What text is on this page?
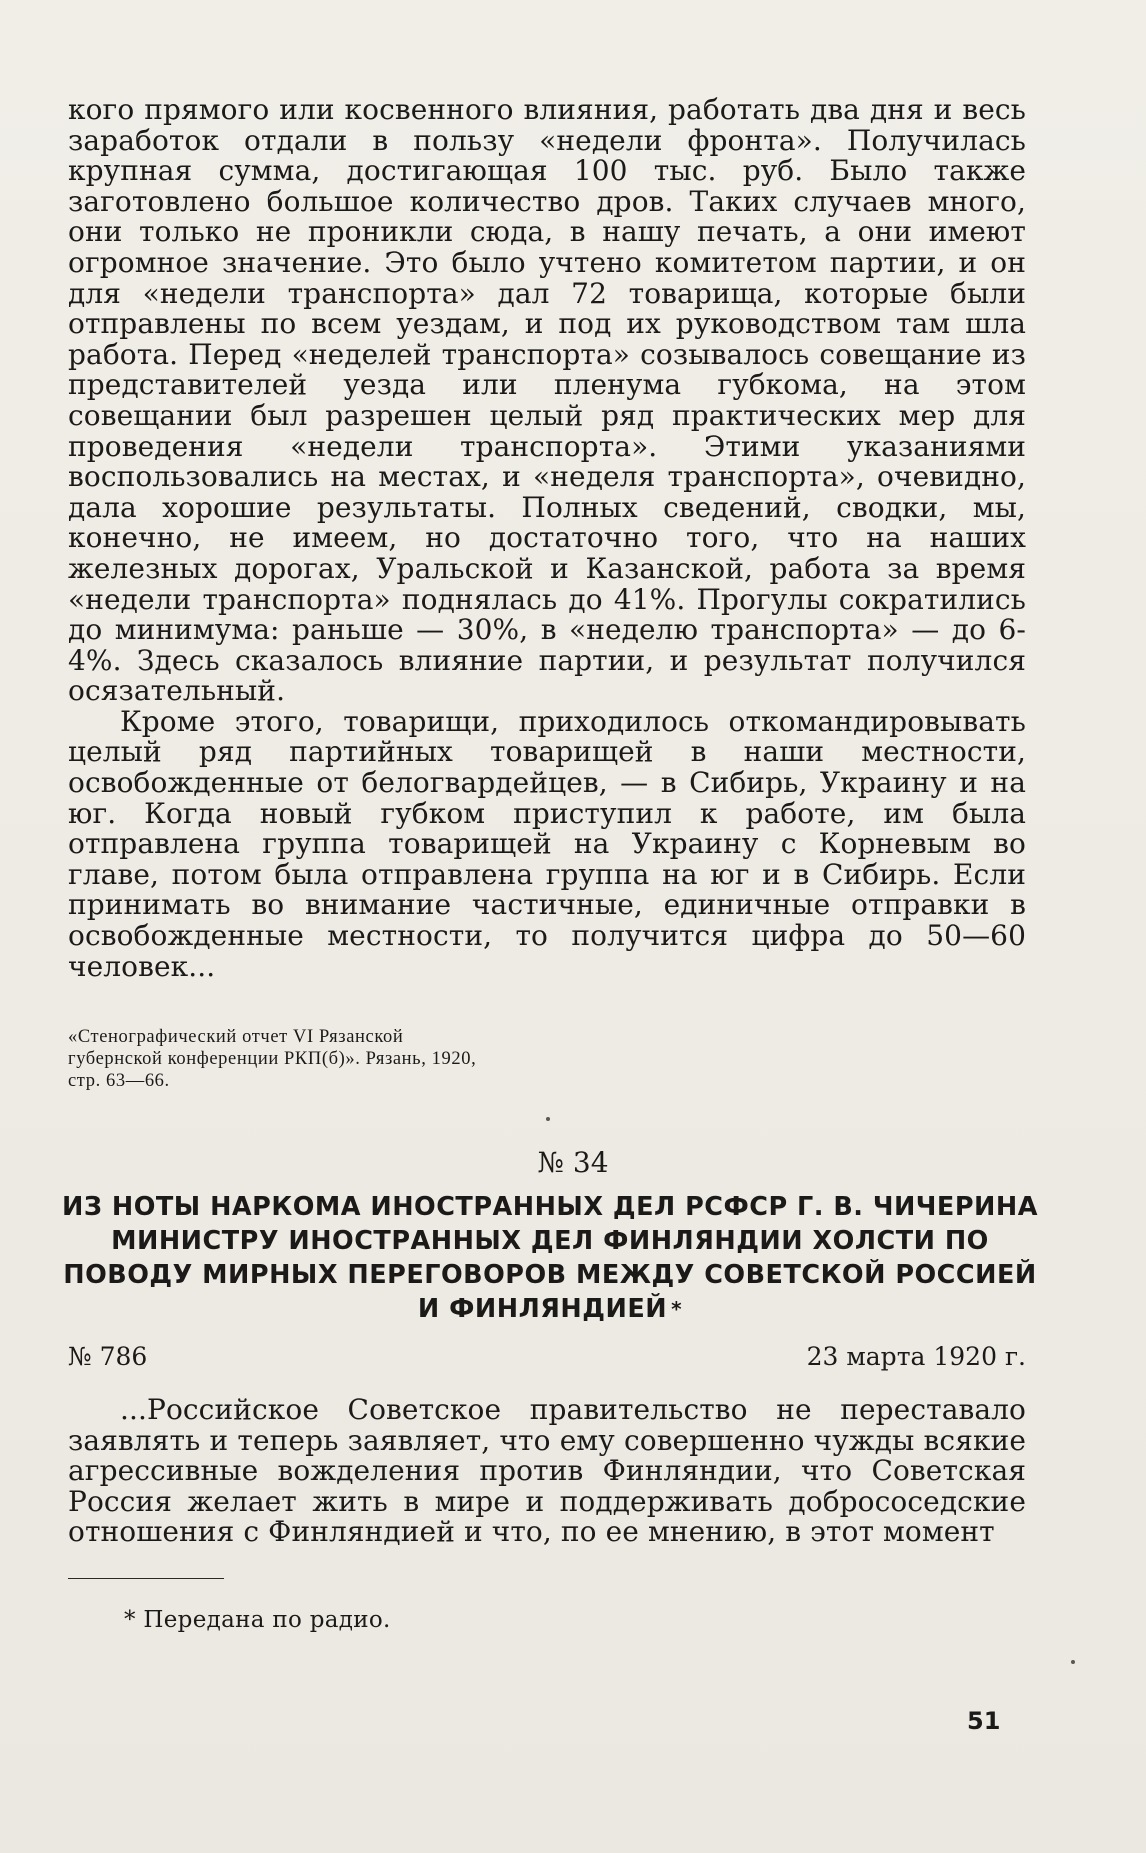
кого прямого или косвенного влияния, работать два дня и весь заработок отдали в пользу «недели фронта». Получилась крупная сумма, достигающая 100 тыс. руб. Было также заготовлено большое количество дров. Таких случаев много, они только не проникли сюда, в нашу печать, а они имеют огромное значение. Это было учтено комитетом партии, и он для «недели транспорта» дал 72 товарища, которые были отправлены по всем уездам, и под их руководством там шла работа. Перед «неделей транспорта» созывалось совещание из представителей уезда или пленума губкома, на этом совещании был разрешен целый ряд практических мер для проведения «недели транспорта». Этими указаниями воспользовались на местах, и «неделя транспорта», очевидно, дала хорошие результаты. Полных сведений, сводки, мы, конечно, не имеем, но достаточно того, что на наших железных дорогах, Уральской и Казанской, работа за время «недели транспорта» поднялась до 41%. Прогулы сократились до минимума: раньше — 30%, в «неделю транспорта» — до 6-4%. Здесь сказалось влияние партии, и результат получился осязательный.

Кроме этого, товарищи, приходилось откомандировывать целый ряд партийных товарищей в наши местности, освобожденные от белогвардейцев, — в Сибирь, Украину и на юг. Когда новый губком приступил к работе, им была отправлена группа товарищей на Украину с Корневым во главе, потом была отправлена группа на юг и в Сибирь. Если принимать во внимание частичные, единичные отправки в освобожденные местности, то получится цифра до 50—60 человек...

«Стенографический отчет VI Рязанской губернской конференции РКП(б)». Рязань, 1920, стр. 63—66.

№ 34

ИЗ НОТЫ НАРКОМА ИНОСТРАННЫХ ДЕЛ РСФСР Г. В. ЧИЧЕРИНА МИНИСТРУ ИНОСТРАННЫХ ДЕЛ ФИНЛЯНДИИ ХОЛСТИ ПО ПОВОДУ МИРНЫХ ПЕРЕГОВОРОВ МЕЖДУ СОВЕТСКОЙ РОССИЕЙ И ФИНЛЯНДИЕЙ *
№ 786	23 марта 1920 г.

...Российское Советское правительство не переставало заявлять и теперь заявляет, что ему совершенно чужды всякие агрессивные вожделения против Финляндии, что Советская Россия желает жить в мире и поддерживать добрососедские отношения с Финляндией и что, по ее мнению, в этот момент

* Передана по радио.

51
